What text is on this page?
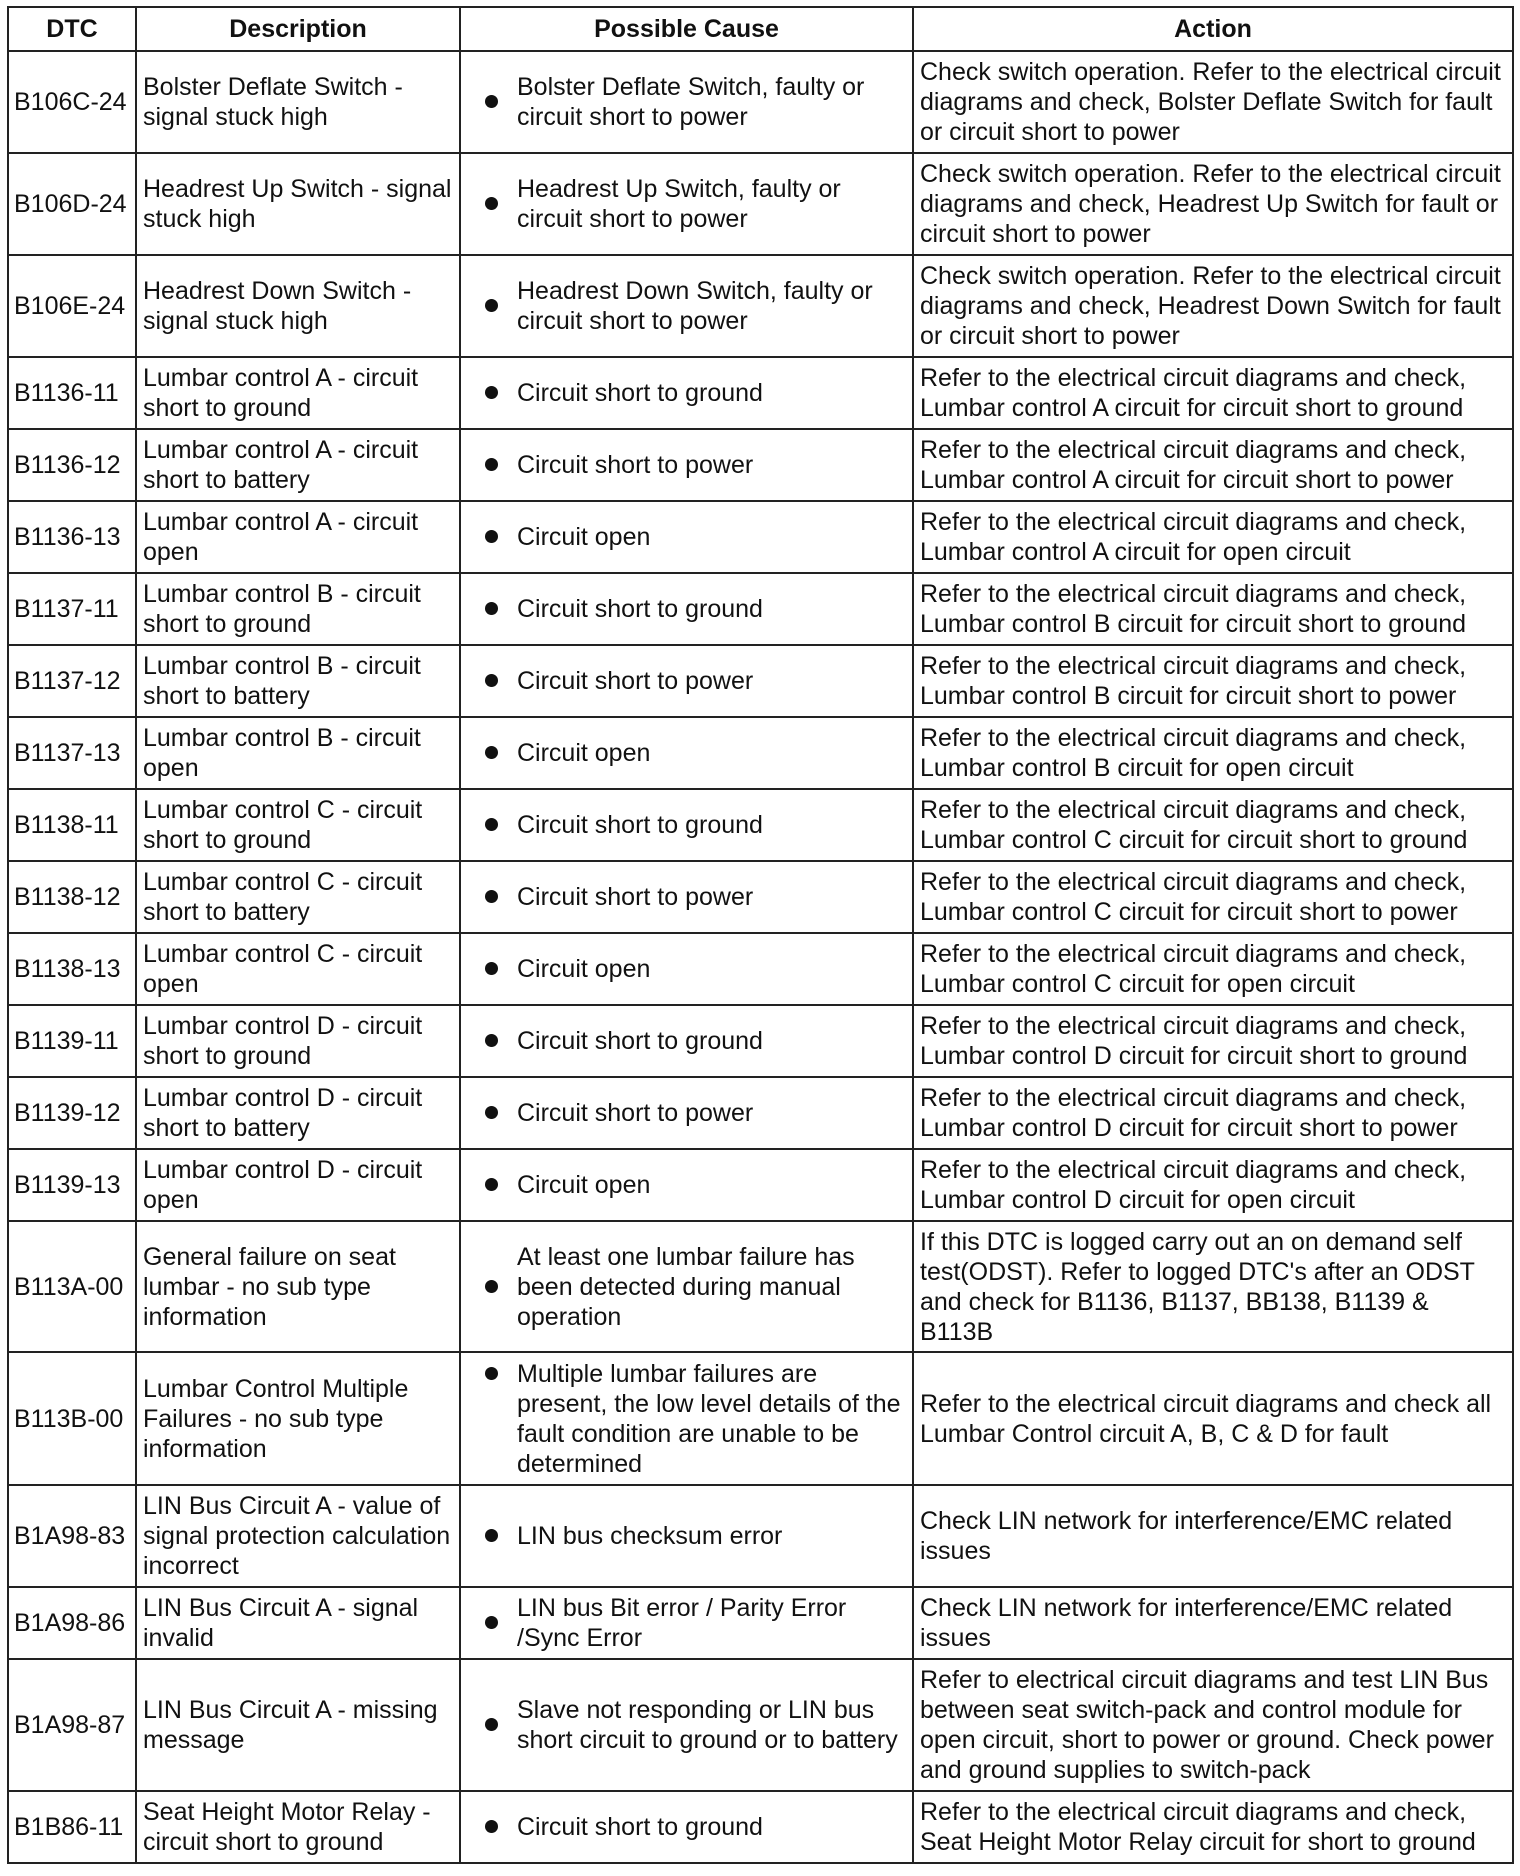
DTC	Description	Possible Cause	Action
B106C-24	Bolster Deflate Switch - signal stuck high	Bolster Deflate Switch, faulty or circuit short to power	Check switch operation. Refer to the electrical circuit diagrams and check, Bolster Deflate Switch for fault or circuit short to power
B106D-24	Headrest Up Switch - signal stuck high	Headrest Up Switch, faulty or circuit short to power	Check switch operation. Refer to the electrical circuit diagrams and check, Headrest Up Switch for fault or circuit short to power
B106E-24	Headrest Down Switch - signal stuck high	Headrest Down Switch, faulty or circuit short to power	Check switch operation. Refer to the electrical circuit diagrams and check, Headrest Down Switch for fault or circuit short to power
B1136-11	Lumbar control A - circuit short to ground	Circuit short to ground	Refer to the electrical circuit diagrams and check, Lumbar control A circuit for circuit short to ground
B1136-12	Lumbar control A - circuit short to battery	Circuit short to power	Refer to the electrical circuit diagrams and check, Lumbar control A circuit for circuit short to power
B1136-13	Lumbar control A - circuit open	Circuit open	Refer to the electrical circuit diagrams and check, Lumbar control A circuit for open circuit
B1137-11	Lumbar control B - circuit short to ground	Circuit short to ground	Refer to the electrical circuit diagrams and check, Lumbar control B circuit for circuit short to ground
B1137-12	Lumbar control B - circuit short to battery	Circuit short to power	Refer to the electrical circuit diagrams and check, Lumbar control B circuit for circuit short to power
B1137-13	Lumbar control B - circuit open	Circuit open	Refer to the electrical circuit diagrams and check, Lumbar control B circuit for open circuit
B1138-11	Lumbar control C - circuit short to ground	Circuit short to ground	Refer to the electrical circuit diagrams and check, Lumbar control C circuit for circuit short to ground
B1138-12	Lumbar control C - circuit short to battery	Circuit short to power	Refer to the electrical circuit diagrams and check, Lumbar control C circuit for circuit short to power
B1138-13	Lumbar control C - circuit open	Circuit open	Refer to the electrical circuit diagrams and check, Lumbar control C circuit for open circuit
B1139-11	Lumbar control D - circuit short to ground	Circuit short to ground	Refer to the electrical circuit diagrams and check, Lumbar control D circuit for circuit short to ground
B1139-12	Lumbar control D - circuit short to battery	Circuit short to power	Refer to the electrical circuit diagrams and check, Lumbar control D circuit for circuit short to power
B1139-13	Lumbar control D - circuit open	Circuit open	Refer to the electrical circuit diagrams and check, Lumbar control D circuit for open circuit
B113A-00	General failure on seat lumbar - no sub type information	At least one lumbar failure has been detected during manual operation	If this DTC is logged carry out an on demand self test(ODST). Refer to logged DTC's after an ODST and check for B1136, B1137, BB138, B1139 & B113B
B113B-00	Lumbar Control Multiple Failures - no sub type information	Multiple lumbar failures are present, the low level details of the fault condition are unable to be determined	Refer to the electrical circuit diagrams and check all Lumbar Control circuit A, B, C & D for fault
B1A98-83	LIN Bus Circuit A - value of signal protection calculation incorrect	LIN bus checksum error	Check LIN network for interference/EMC related issues
B1A98-86	LIN Bus Circuit A - signal invalid	LIN bus Bit error / Parity Error /Sync Error	Check LIN network for interference/EMC related issues
B1A98-87	LIN Bus Circuit A - missing message	Slave not responding or LIN bus short circuit to ground or to battery	Refer to electrical circuit diagrams and test LIN Bus between seat switch-pack and control module for open circuit, short to power or ground. Check power and ground supplies to switch-pack
B1B86-11	Seat Height Motor Relay - circuit short to ground	Circuit short to ground	Refer to the electrical circuit diagrams and check, Seat Height Motor Relay circuit for short to ground
